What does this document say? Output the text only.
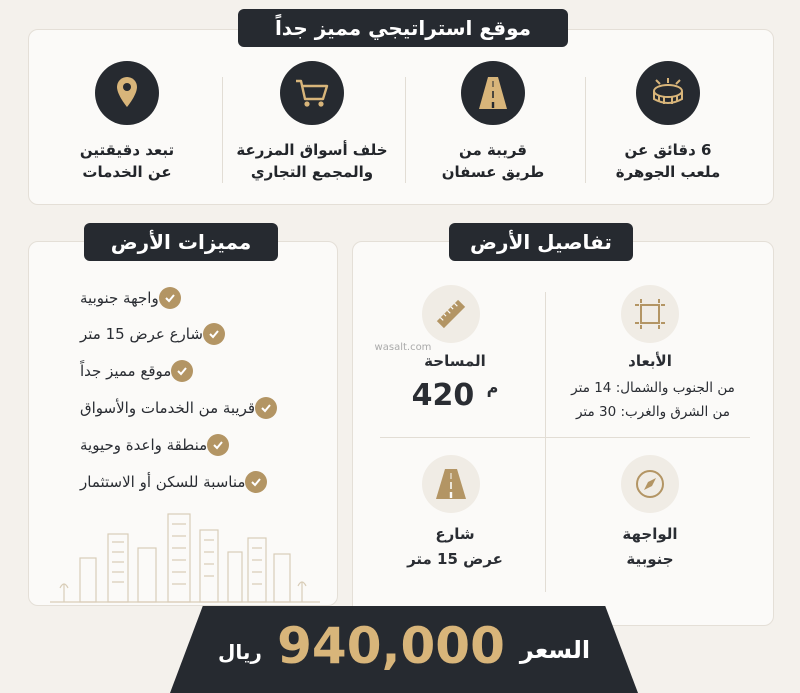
موقع استراتيجي مميز جداً
6 دقائق عن
ملعب الجوهرة
قريبة من
طريق عسفان
خلف أسواق المزرعة
والمجمع التجاري
تبعد دقيقتين
عن الخدمات
مميزات الأرض
واجهة جنوبية
شارع عرض 15 متر
موقع مميز جداً
قريبة من الخدمات والأسواق
منطقة واعدة وحيوية
مناسبة للسكن أو الاستثمار
تفاصيل الأرض
الأبعاد
من الجنوب والشمال: 14 متر
من الشرق والغرب: 30 متر
wasalt.com
المساحة
420 $^م$
الواجهة
جنوبية
شارع
عرض 15 متر
السعر
940,000
ريال
